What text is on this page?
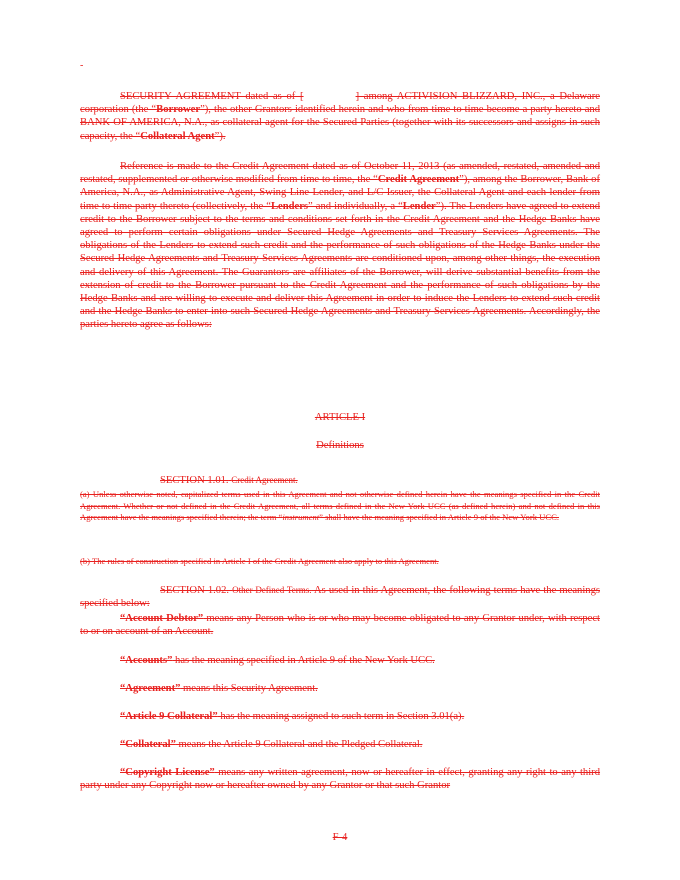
-

SECURITY AGREEMENT dated as of [	] among ACTIVISION BLIZZARD, INC., a Delaware corporation (the “Borrower”), the other Grantors identified herein and who from time to time become a party hereto and BANK OF AMERICA, N.A., as collateral agent for the Secured Parties (together with its successors and assigns in such capacity, the “Collateral Agent”).

Reference is made to the Credit Agreement dated as of October 11, 2013 (as amended, restated, amended and restated, supplemented or otherwise modified from time to time, the “Credit Agreement”), among the Borrower, Bank of America, N.A., as Administrative Agent, Swing Line Lender, and L/C Issuer, the Collateral Agent and each lender from time to time party thereto (collectively, the “Lenders” and individually, a “Lender”). The Lenders have agreed to extend credit to the Borrower subject to the terms and conditions set forth in the Credit Agreement and the Hedge Banks have agreed to perform certain obligations under Secured Hedge Agreements and Treasury Services Agreements. The obligations of the Lenders to extend such credit and the performance of such obligations of the Hedge Banks under the Secured Hedge Agreements and Treasury Services Agreements are conditioned upon, among other things, the execution and delivery of this Agreement. The Guarantors are affiliates of the Borrower, will derive substantial benefits from the extension of credit to the Borrower pursuant to the Credit Agreement and the performance of such obligations by the Hedge Banks and are willing to execute and deliver this Agreement in order to induce the Lenders to extend such credit and the Hedge Banks to enter into such Secured Hedge Agreements and Treasury Services Agreements. Accordingly, the parties hereto agree as follows:

ARTICLE I
Definitions
SECTION 1.01. Credit Agreement.

(a) Unless otherwise noted, capitalized terms used in this Agreement and not otherwise defined herein have the meanings specified in the Credit Agreement. Whether or not defined in the Credit Agreement, all terms defined in the New York UCC (as defined herein) and not defined in this Agreement have the meanings specified therein; the term “instrument” shall have the meaning specified in Article 9 of the New York UCC.

(b) The rules of construction specified in Article I of the Credit Agreement also apply to this Agreement.

SECTION 1.02. Other Defined Terms. As used in this Agreement, the following terms have the meanings specified below:

“Account Debtor” means any Person who is or who may become obligated to any Grantor under, with respect to or on account of an Account.

“Accounts” has the meaning specified in Article 9 of the New York UCC.

“Agreement” means this Security Agreement.

“Article 9 Collateral” has the meaning assigned to such term in Section 3.01(a).

“Collateral” means the Article 9 Collateral and the Pledged Collateral.

“Copyright License” means any written agreement, now or hereafter in effect, granting any right to any third party under any Copyright now or hereafter owned by any Grantor or that such Grantor

F-4
